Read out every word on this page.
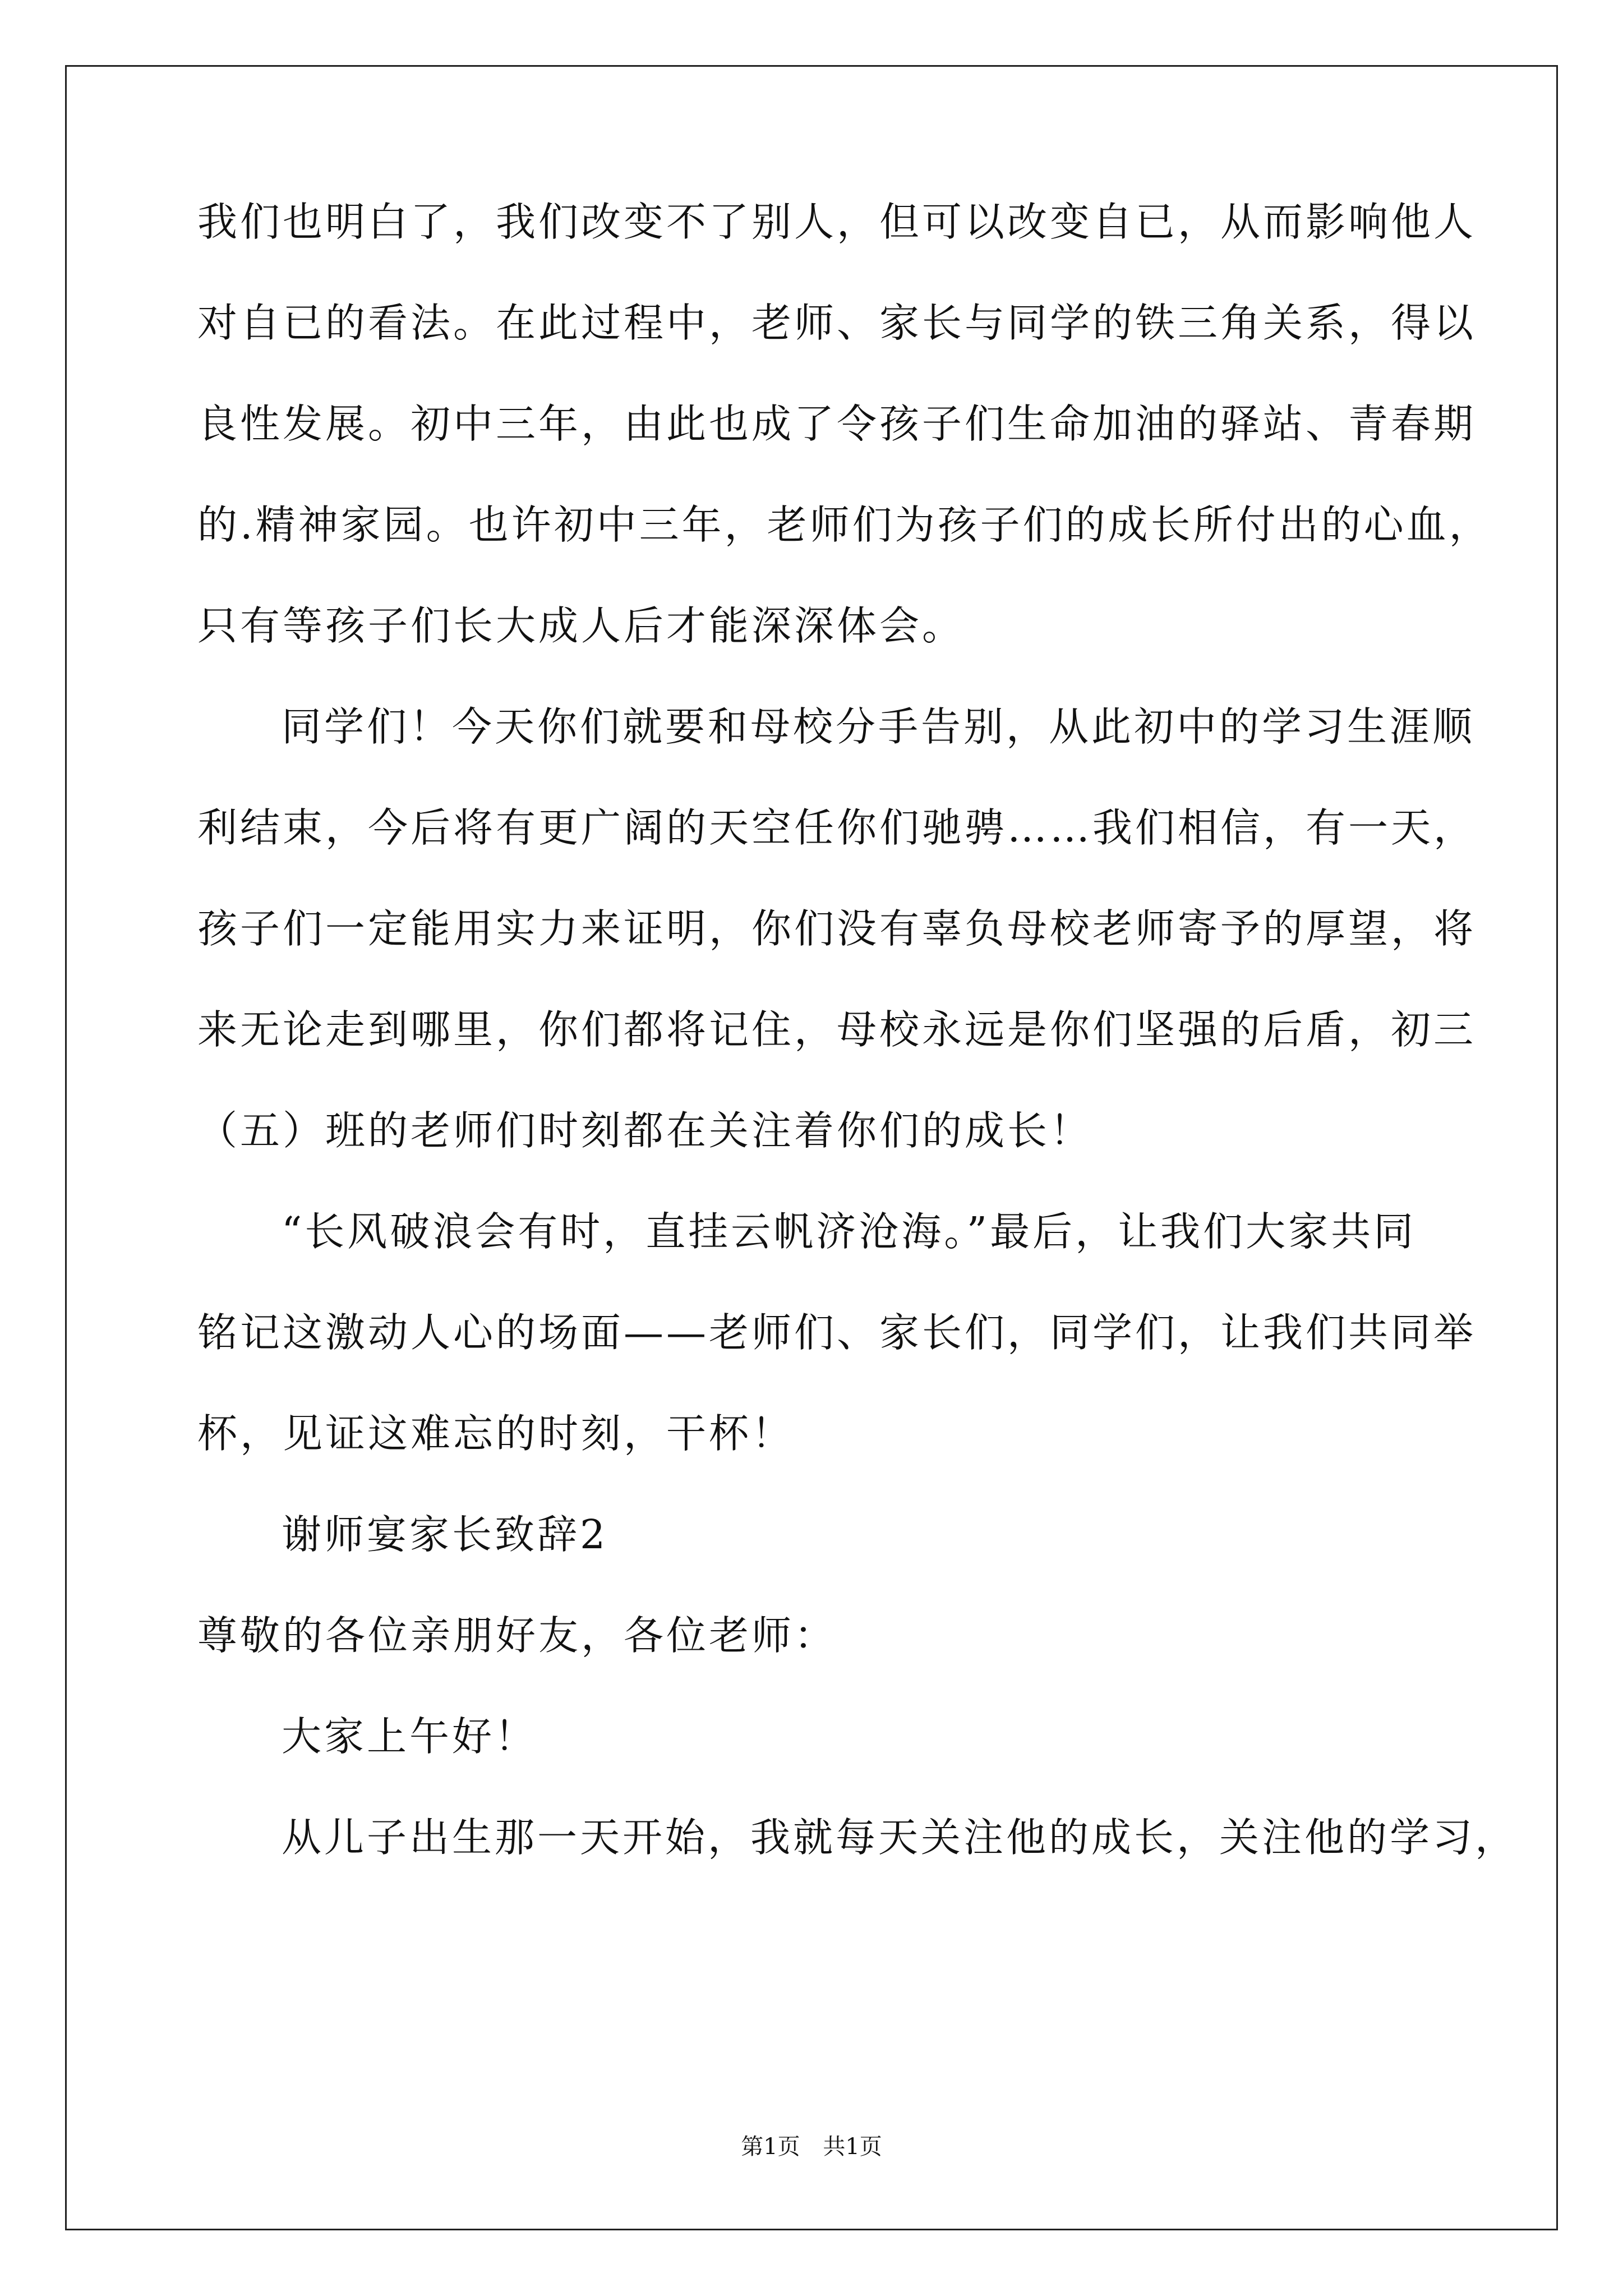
我们也明白了，我们改变不了别人，但可以改变自已，从而影响他人
对自已的看法。在此过程中，老师、家长与同学的铁三角关系，得以
良性发展。初中三年，由此也成了令孩子们生命加油的驿站、青春期
的.精神家园。也许初中三年，老师们为孩子们的成长所付出的心血，
只有等孩子们长大成人后才能深深体会。
同学们！今天你们就要和母校分手告别，从此初中的学习生涯顺
利结束，今后将有更广阔的天空任你们驰骋……我们相信，有一天，
孩子们一定能用实力来证明，你们没有辜负母校老师寄予的厚望，将
来无论走到哪里，你们都将记住，母校永远是你们坚强的后盾，初三
（五）班的老师们时刻都在关注着你们的成长！
“长风破浪会有时，直挂云帆济沧海。”最后，让我们大家共同
铭记这激动人心的场面——老师们、家长们，同学们，让我们共同举
杯，见证这难忘的时刻，干杯！
谢师宴家长致辞2
尊敬的各位亲朋好友，各位老师：
大家上午好！
从儿子出生那一天开始，我就每天关注他的成长，关注他的学习，
第1页 共1页
